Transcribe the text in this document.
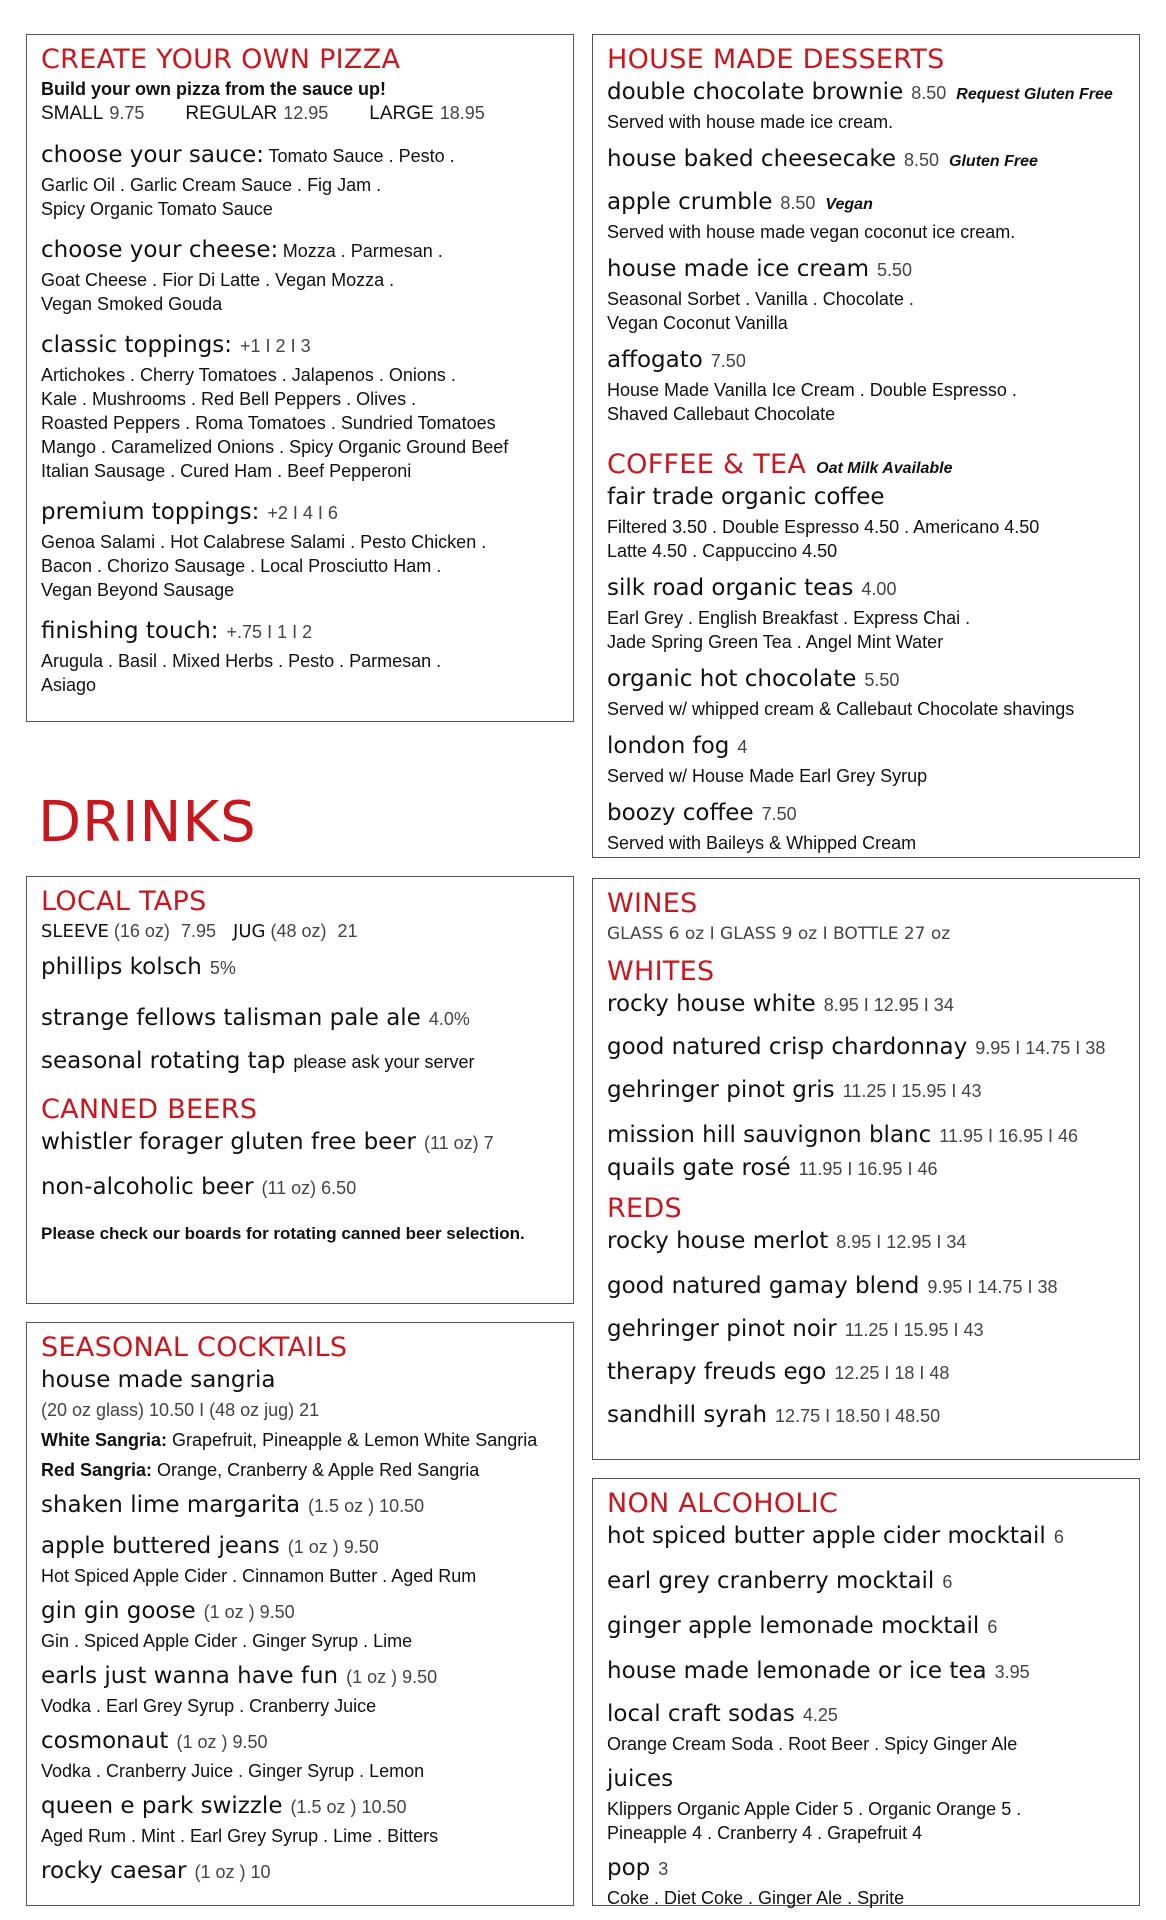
CREATE YOUR OWN PIZZA
Build your own pizza from the sauce up!
SMALL 9.75 REGULAR 12.95 LARGE 18.95
choose your sauce: Tomato Sauce . Pesto .
Garlic Oil . Garlic Cream Sauce . Fig Jam .
Spicy Organic Tomato Sauce
choose your cheese: Mozza . Parmesan .
Goat Cheese . Fior Di Latte . Vegan Mozza .
Vegan Smoked Gouda
classic toppings: +1 I 2 I 3
Artichokes . Cherry Tomatoes . Jalapenos . Onions .
Kale . Mushrooms . Red Bell Peppers . Olives .
Roasted Peppers . Roma Tomatoes . Sundried Tomatoes
Mango . Caramelized Onions . Spicy Organic Ground Beef
Italian Sausage . Cured Ham . Beef Pepperoni
premium toppings: +2 I 4 I 6
Genoa Salami . Hot Calabrese Salami . Pesto Chicken .
Bacon . Chorizo Sausage . Local Prosciutto Ham .
Vegan Beyond Sausage
finishing touch: +.75 I 1 I 2
Arugula . Basil . Mixed Herbs . Pesto . Parmesan .
Asiago
HOUSE MADE DESSERTS
double chocolate brownie 8.50 Request Gluten Free
Served with house made ice cream.
house baked cheesecake 8.50 Gluten Free
apple crumble 8.50 Vegan
Served with house made vegan coconut ice cream.
house made ice cream 5.50
Seasonal Sorbet . Vanilla . Chocolate .
Vegan Coconut Vanilla
affogato 7.50
House Made Vanilla Ice Cream . Double Espresso .
Shaved Callebaut Chocolate
COFFEE & TEA Oat Milk Available
fair trade organic coffee
Filtered 3.50 . Double Espresso 4.50 . Americano 4.50
Latte 4.50 . Cappuccino 4.50
silk road organic teas 4.00
Earl Grey . English Breakfast . Express Chai .
Jade Spring Green Tea . Angel Mint Water
organic hot chocolate 5.50
Served w/ whipped cream & Callebaut Chocolate shavings
london fog 4
Served w/ House Made Earl Grey Syrup
boozy coffee 7.50
Served with Baileys & Whipped Cream
DRINKS
LOCAL TAPS
SLEEVE (16 oz) 7.95 JUG (48 oz) 21
phillips kolsch 5%
strange fellows talisman pale ale 4.0%
seasonal rotating tap please ask your server
CANNED BEERS
whistler forager gluten free beer (11 oz) 7
non-alcoholic beer (11 oz) 6.50
Please check our boards for rotating canned beer selection.
SEASONAL COCKTAILS
house made sangria
(20 oz glass) 10.50 I (48 oz jug) 21
White Sangria: Grapefruit, Pineapple & Lemon White Sangria
Red Sangria: Orange, Cranberry & Apple Red Sangria
shaken lime margarita (1.5 oz ) 10.50
apple buttered jeans (1 oz ) 9.50
Hot Spiced Apple Cider . Cinnamon Butter . Aged Rum
gin gin goose (1 oz ) 9.50
Gin . Spiced Apple Cider . Ginger Syrup . Lime
earls just wanna have fun (1 oz ) 9.50
Vodka . Earl Grey Syrup . Cranberry Juice
cosmonaut (1 oz ) 9.50
Vodka . Cranberry Juice . Ginger Syrup . Lemon
queen e park swizzle (1.5 oz ) 10.50
Aged Rum . Mint . Earl Grey Syrup . Lime . Bitters
rocky caesar (1 oz ) 10
WINES
GLASS 6 oz I GLASS 9 oz I BOTTLE 27 oz
WHITES
rocky house white 8.95 I 12.95 I 34
good natured crisp chardonnay 9.95 I 14.75 I 38
gehringer pinot gris 11.25 I 15.95 I 43
mission hill sauvignon blanc 11.95 I 16.95 I 46
quails gate rosé 11.95 I 16.95 I 46
REDS
rocky house merlot 8.95 I 12.95 I 34
good natured gamay blend 9.95 I 14.75 I 38
gehringer pinot noir 11.25 I 15.95 I 43
therapy freuds ego 12.25 I 18 I 48
sandhill syrah 12.75 I 18.50 I 48.50
NON ALCOHOLIC
hot spiced butter apple cider mocktail 6
earl grey cranberry mocktail 6
ginger apple lemonade mocktail 6
house made lemonade or ice tea 3.95
local craft sodas 4.25
Orange Cream Soda . Root Beer . Spicy Ginger Ale
juices
Klippers Organic Apple Cider 5 . Organic Orange 5 .
Pineapple 4 . Cranberry 4 . Grapefruit 4
pop 3
Coke . Diet Coke . Ginger Ale . Sprite
